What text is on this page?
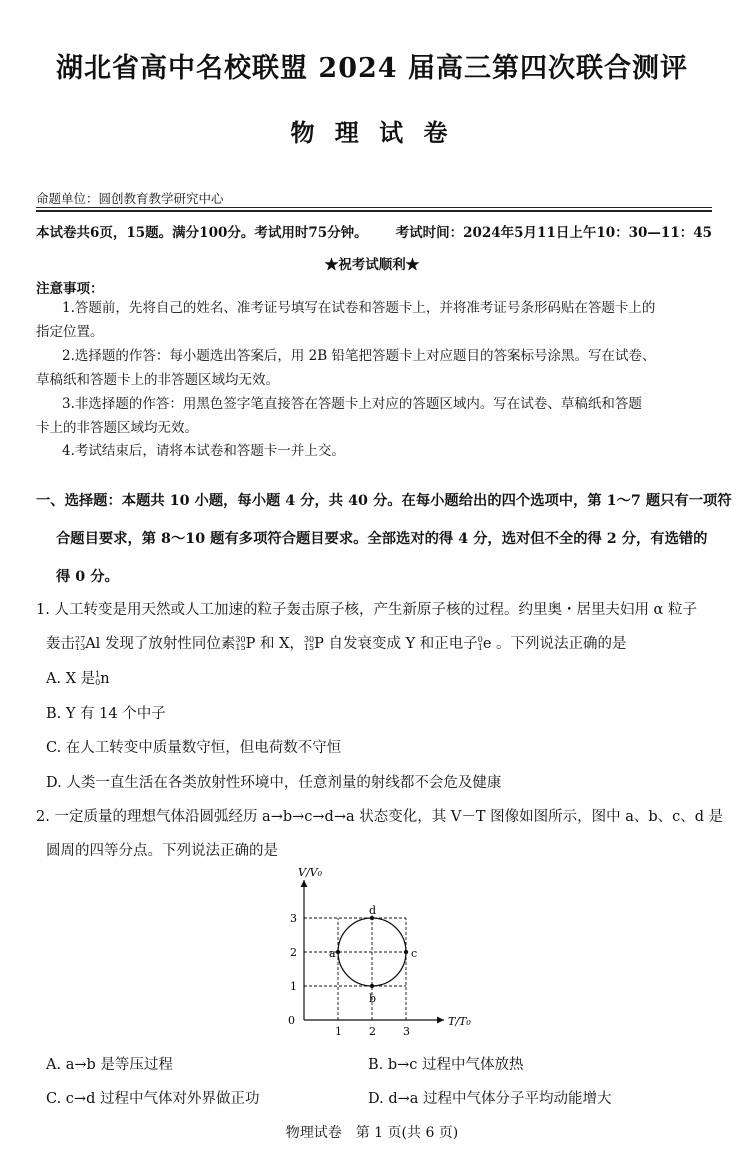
湖北省高中名校联盟 2024 届高三第四次联合测评
物 理 试 卷
命题单位：圆创教育教学研究中心
本试卷共6页，15题。满分100分。考试用时75分钟。 考试时间：2024年5月11日上午10：30—11：45
★祝考试顺利★
注意事项：
1.答题前，先将自己的姓名、准考证号填写在试卷和答题卡上，并将准考证号条形码贴在答题卡上的
指定位置。
2.选择题的作答：每小题选出答案后，用 2B 铅笔把答题卡上对应题目的答案标号涂黑。写在试卷、
草稿纸和答题卡上的非答题区域均无效。
3.非选择题的作答：用黑色签字笔直接答在答题卡上对应的答题区域内。写在试卷、草稿纸和答题
卡上的非答题区域均无效。
4.考试结束后，请将本试卷和答题卡一并上交。
一、选择题：本题共 10 小题，每小题 4 分，共 40 分。在每小题给出的四个选项中，第 1～7 题只有一项符
合题目要求，第 8～10 题有多项符合题目要求。全部选对的得 4 分，选对但不全的得 2 分，有选错的
得 0 分。
1. 人工转变是用天然或人工加速的粒子轰击原子核，产生新原子核的过程。约里奥・居里夫妇用 α 粒子
轰击 27
13 Al 发现了放射性同位素 30
15 P 和 X， 30
15 P 自发衰变成 Y 和正电子 0
1 e 。下列说法正确的是
A. X 是 1
0 n
B. Y 有 14 个中子
C. 在人工转变中质量数守恒，但电荷数不守恒
D. 人类一直生活在各类放射性环境中，任意剂量的射线都不会危及健康
2. 一定质量的理想气体沿圆弧经历 a→b→c→d→a 状态变化，其 V－T 图像如图所示，图中 a、b、c、d 是
圆周的四等分点。下列说法正确的是
a
b
c
d
1 2 3
1
2
3
0	T/T₀
V/V₀
A. a→b 是等压过程	B. b→c 过程中气体放热
C. c→d 过程中气体对外界做正功	D. d→a 过程中气体分子平均动能增大
物理试卷　第 1 页(共 6 页)
